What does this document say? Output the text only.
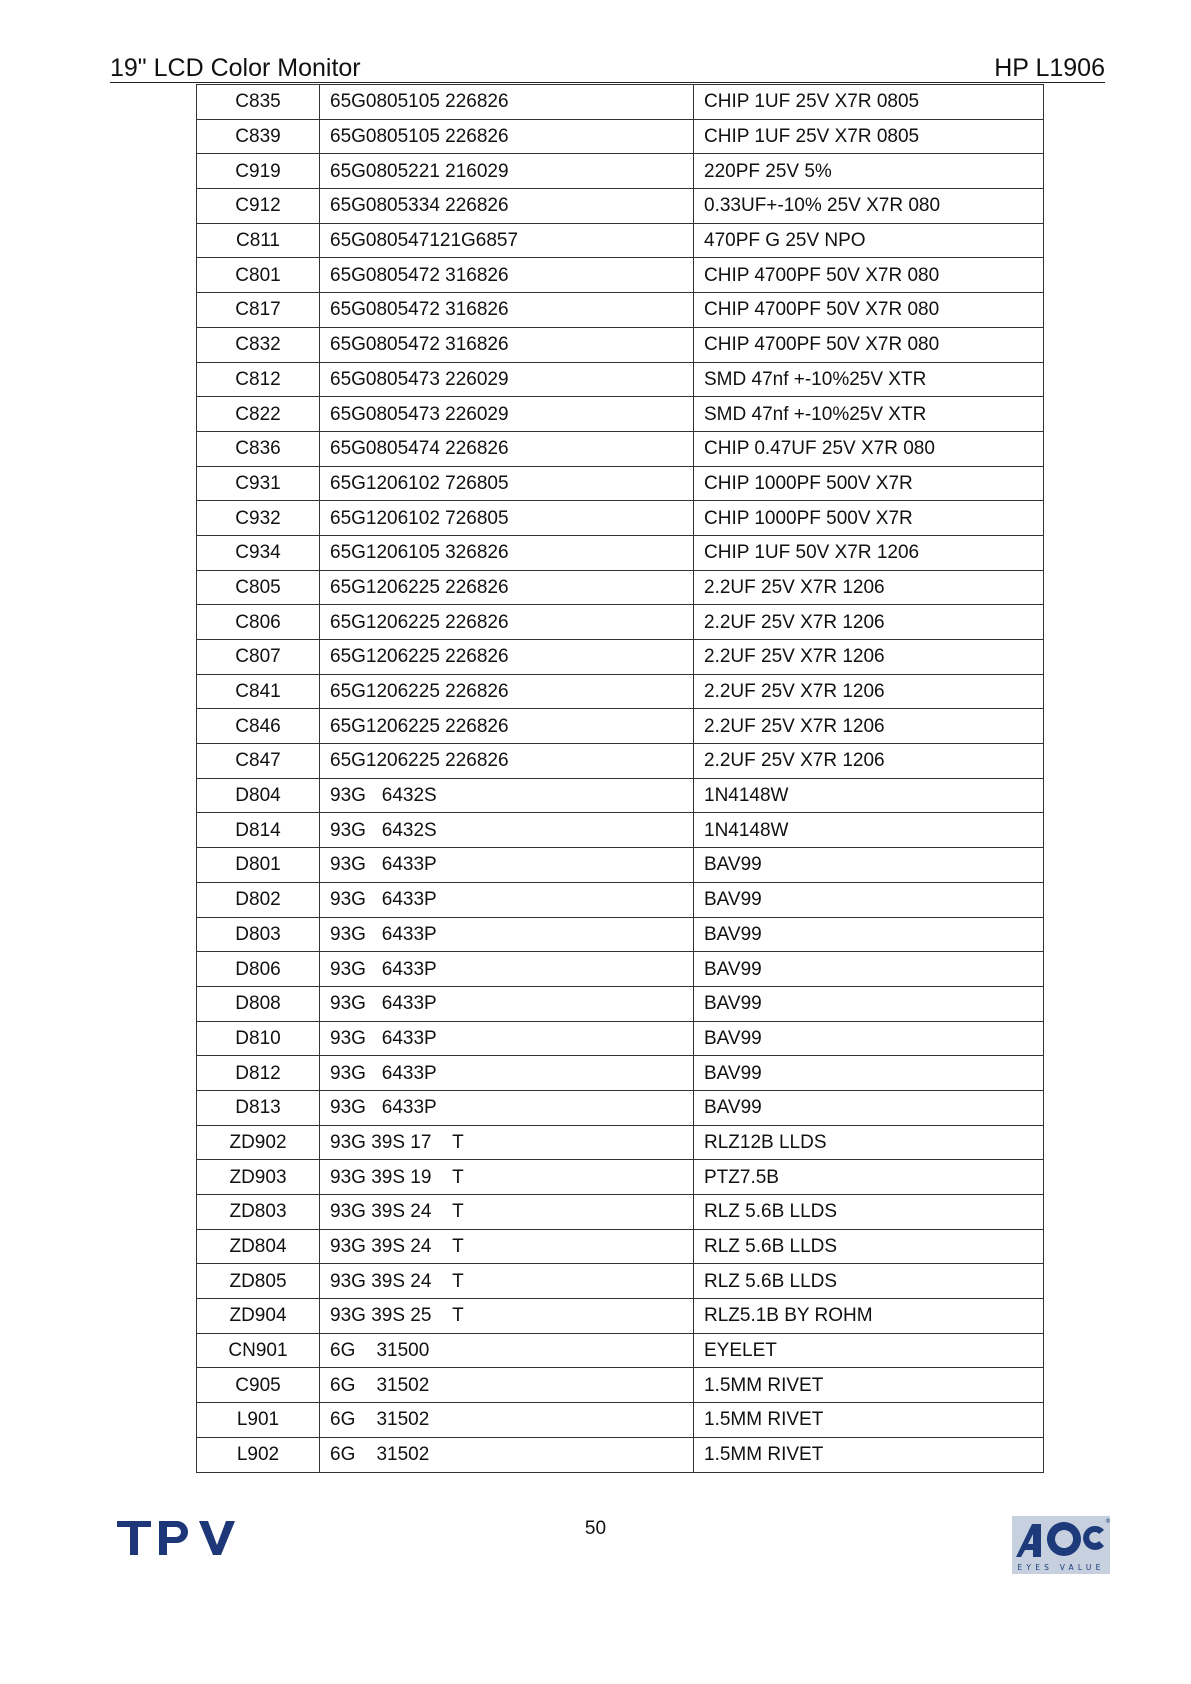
19" LCD Color Monitor	HP L1906
C835	65G0805105 226826	CHIP 1UF 25V X7R 0805
C839	65G0805105 226826	CHIP 1UF 25V X7R 0805
C919	65G0805221 216029	220PF 25V 5%
C912	65G0805334 226826	0.33UF+-10% 25V X7R 080
C811	65G080547121G6857	470PF G 25V NPO
C801	65G0805472 316826	CHIP 4700PF 50V X7R 080
C817	65G0805472 316826	CHIP 4700PF 50V X7R 080
C832	65G0805472 316826	CHIP 4700PF 50V X7R 080
C812	65G0805473 226029	SMD 47nf +-10%25V XTR
C822	65G0805473 226029	SMD 47nf +-10%25V XTR
C836	65G0805474 226826	CHIP 0.47UF 25V X7R 080
C931	65G1206102 726805	CHIP 1000PF 500V X7R
C932	65G1206102 726805	CHIP 1000PF 500V X7R
C934	65G1206105 326826	CHIP 1UF 50V X7R 1206
C805	65G1206225 226826	2.2UF 25V X7R 1206
C806	65G1206225 226826	2.2UF 25V X7R 1206
C807	65G1206225 226826	2.2UF 25V X7R 1206
C841	65G1206225 226826	2.2UF 25V X7R 1206
C846	65G1206225 226826	2.2UF 25V X7R 1206
C847	65G1206225 226826	2.2UF 25V X7R 1206
D804	93G   6432S	1N4148W
D814	93G   6432S	1N4148W
D801	93G   6433P	BAV99
D802	93G   6433P	BAV99
D803	93G   6433P	BAV99
D806	93G   6433P	BAV99
D808	93G   6433P	BAV99
D810	93G   6433P	BAV99
D812	93G   6433P	BAV99
D813	93G   6433P	BAV99
ZD902	93G 39S 17    T	RLZ12B LLDS
ZD903	93G 39S 19    T	PTZ7.5B
ZD803	93G 39S 24    T	RLZ 5.6B LLDS
ZD804	93G 39S 24    T	RLZ 5.6B LLDS
ZD805	93G 39S 24    T	RLZ 5.6B LLDS
ZD904	93G 39S 25    T	RLZ5.1B BY ROHM
CN901	6G    31500	EYELET
C905	6G    31502	1.5MM RIVET
L901	6G    31502	1.5MM RIVET
L902	6G    31502	1.5MM RIVET
50
EYES VALUE
®
